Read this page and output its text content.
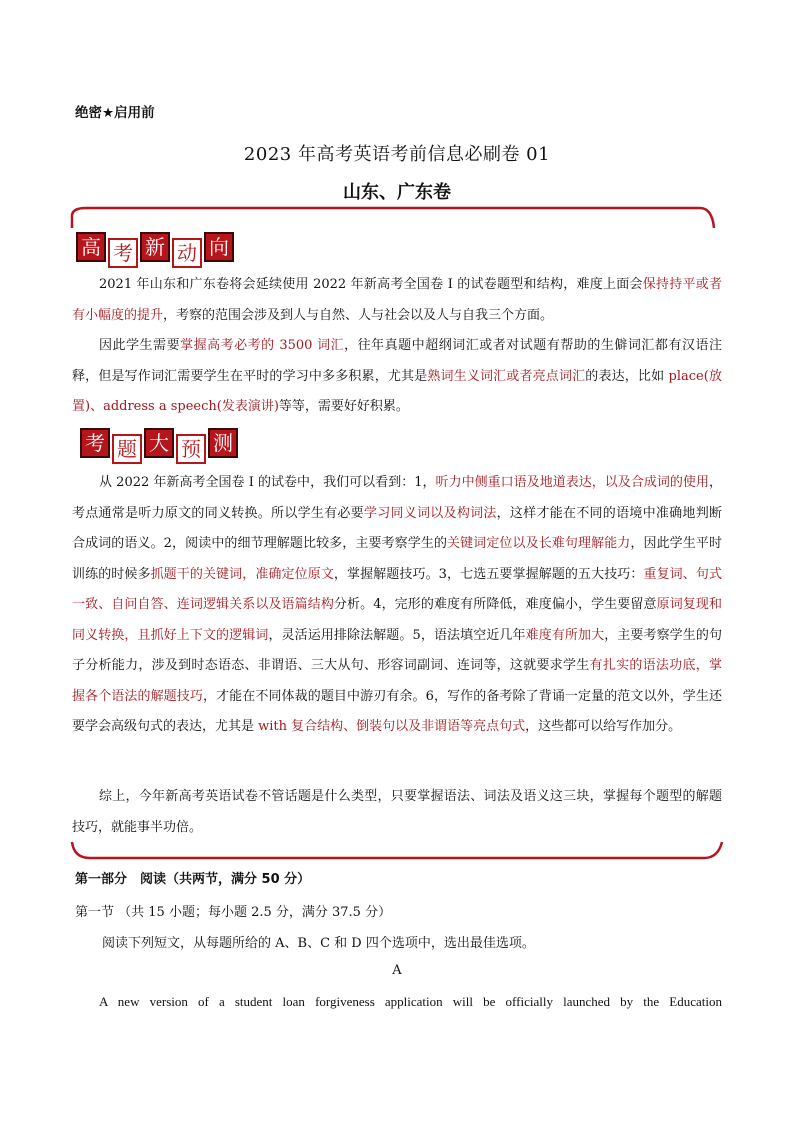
绝密★启用前
2023 年高考英语考前信息必刷卷 01
山东、广东卷
高 考 新 动 向
2021 年山东和广东卷将会延续使用 2022 年新高考全国卷 I 的试卷题型和结构，难度上面会保持持平或者有小幅度的提升，考察的范围会涉及到人与自然、人与社会以及人与自我三个方面。
因此学生需要掌握高考必考的 3500 词汇，往年真题中超纲词汇或者对试题有帮助的生僻词汇都有汉语注释，但是写作词汇需要学生在平时的学习中多多积累，尤其是熟词生义词汇或者亮点词汇的表达，比如 place(放置)、address a speech(发表演讲)等等，需要好好积累。
考 题 大 预 测
从 2022 年新高考全国卷 I 的试卷中，我们可以看到：1，听力中侧重口语及地道表达，以及合成词的使用，考点通常是听力原文的同义转换。所以学生有必要学习同义词以及构词法，这样才能在不同的语境中准确地判断合成词的语义。2，阅读中的细节理解题比较多，主要考察学生的关键词定位以及长难句理解能力，因此学生平时训练的时候多抓题干的关键词，准确定位原文，掌握解题技巧。3，七选五要掌握解题的五大技巧：重复词、句式一致、自问自答、连词逻辑关系以及语篇结构分析。4，完形的难度有所降低，难度偏小，学生要留意原词复现和同义转换，且抓好上下文的逻辑词，灵活运用排除法解题。5，语法填空近几年难度有所加大，主要考察学生的句子分析能力，涉及到时态语态、非谓语、三大从句、形容词副词、连词等，这就要求学生有扎实的语法功底，掌握各个语法的解题技巧，才能在不同体裁的题目中游刃有余。6，写作的备考除了背诵一定量的范文以外，学生还要学会高级句式的表达，尤其是 with 复合结构、倒装句以及非谓语等亮点句式，这些都可以给写作加分。
综上，今年新高考英语试卷不管话题是什么类型，只要掌握语法、词法及语义这三块，掌握每个题型的解题技巧，就能事半功倍。
第一部分　阅读（共两节，满分 50 分）
第一节 （共 15 小题；每小题 2.5 分，满分 37.5 分）
阅读下列短文，从每题所给的 A、B、C 和 D 四个选项中，选出最佳选项。
A
A new version of a student loan forgiveness application will be officially launched by the Education
